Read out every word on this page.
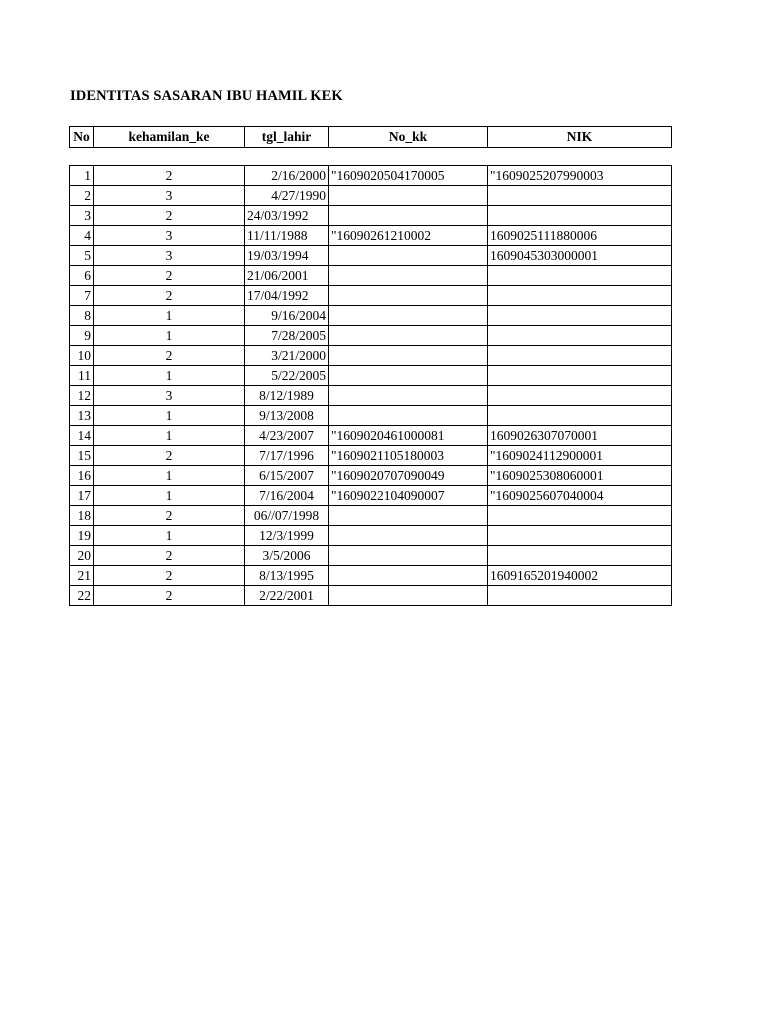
IDENTITAS SASARAN IBU HAMIL KEK
No	kehamilan_ke	tgl_lahir	No_kk	NIK
1	2	2/16/2000	"1609020504170005	"1609025207990003
2	3	4/27/1990		
3	2	24/03/1992		
4	3	11/11/1988	"16090261210002	1609025111880006
5	3	19/03/1994		1609045303000001
6	2	21/06/2001		
7	2	17/04/1992		
8	1	9/16/2004		
9	1	7/28/2005		
10	2	3/21/2000		
11	1	5/22/2005		
12	3	8/12/1989		
13	1	9/13/2008		
14	1	4/23/2007	"1609020461000081	1609026307070001
15	2	7/17/1996	"1609021105180003	"1609024112900001
16	1	6/15/2007	"1609020707090049	"1609025308060001
17	1	7/16/2004	"1609022104090007	"1609025607040004
18	2	06//07/1998		
19	1	12/3/1999		
20	2	3/5/2006		
21	2	8/13/1995		1609165201940002
22	2	2/22/2001		
